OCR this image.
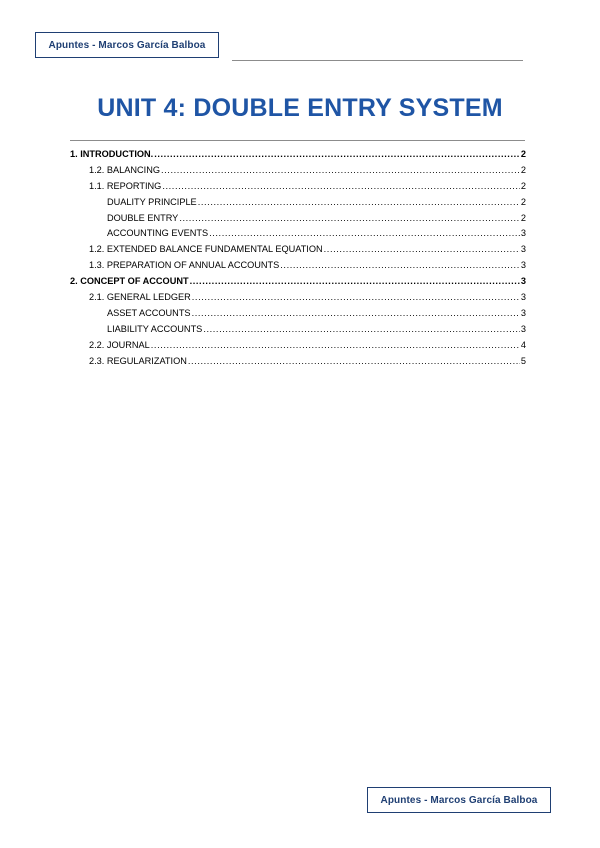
Apuntes - Marcos García Balboa
UNIT 4: DOUBLE ENTRY SYSTEM
1. INTRODUCTION. .....	2
1.2. BALANCING .....	2
1.1. REPORTING .....	2
DUALITY PRINCIPLE .....	2
DOUBLE ENTRY .....	2
ACCOUNTING EVENTS .....	3
1.2. EXTENDED BALANCE FUNDAMENTAL EQUATION .....	3
1.3. PREPARATION OF ANNUAL ACCOUNTS .....	3
2. CONCEPT OF ACCOUNT .....	3
2.1. GENERAL LEDGER .....	3
ASSET ACCOUNTS .....	3
LIABILITY ACCOUNTS .....	3
2.2. JOURNAL .....	4
2.3. REGULARIZATION .....	5
Apuntes - Marcos García Balboa
